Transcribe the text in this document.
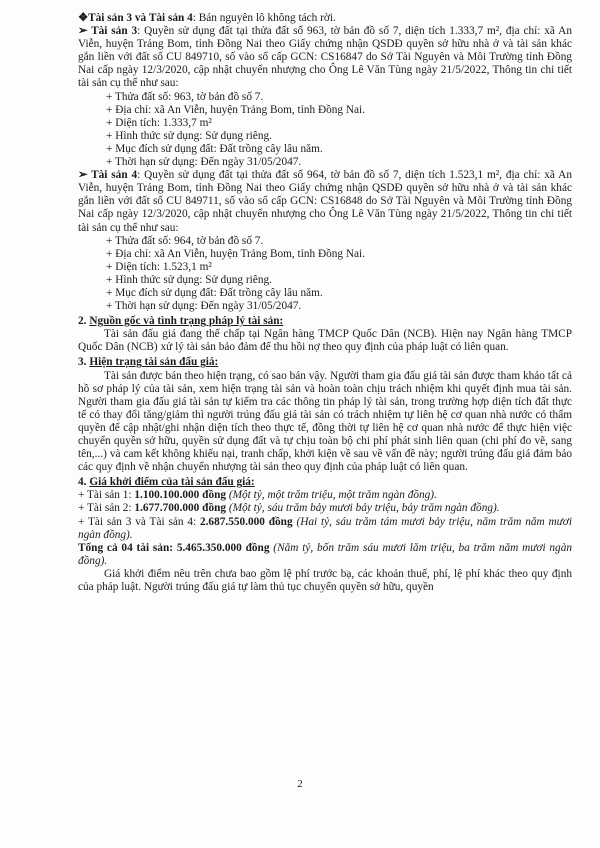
❖Tài sản 3 và Tài sản 4: Bán nguyên lô không tách rời.

➢ Tài sản 3: Quyền sử dụng đất tại thửa đất số 963, tờ bản đồ số 7, diện tích 1.333,7 m², địa chỉ: xã An Viễn, huyện Trảng Bom, tỉnh Đồng Nai theo Giấy chứng nhận QSDĐ quyền sở hữu nhà ở và tài sản khác gắn liền với đất số CU 849710, số vào sổ cấp GCN: CS16847 do Sở Tài Nguyên và Môi Trường tỉnh Đồng Nai cấp ngày 12/3/2020, cập nhật chuyển nhượng cho Ông Lê Văn Tùng ngày 21/5/2022, Thông tin chi tiết tài sản cụ thể như sau:

+ Thửa đất số: 963, tờ bản đồ số 7.

+ Địa chỉ: xã An Viễn, huyện Trảng Bom, tỉnh Đồng Nai.

+ Diện tích: 1.333,7 m²

+ Hình thức sử dụng: Sử dụng riêng.

+ Mục đích sử dụng đất: Đất trồng cây lâu năm.

+ Thời hạn sử dụng: Đến ngày 31/05/2047.

➢ Tài sản 4: Quyền sử dụng đất tại thửa đất số 964, tờ bản đồ số 7, diện tích 1.523,1 m², địa chỉ: xã An Viễn, huyện Trảng Bom, tỉnh Đồng Nai theo Giấy chứng nhận QSDĐ quyền sở hữu nhà ở và tài sản khác gắn liền với đất số CU 849711, số vào sổ cấp GCN: CS16848 do Sở Tài Nguyên và Môi Trường tỉnh Đồng Nai cấp ngày 12/3/2020, cập nhật chuyển nhượng cho Ông Lê Văn Tùng ngày 21/5/2022, Thông tin chi tiết tài sản cụ thể như sau:

+ Thửa đất số: 964, tờ bản đồ số 7.

+ Địa chỉ: xã An Viễn, huyện Trảng Bom, tỉnh Đồng Nai.

+ Diện tích: 1.523,1 m²

+ Hình thức sử dụng: Sử dụng riêng.

+ Mục đích sử dụng đất: Đất trồng cây lâu năm.

+ Thời hạn sử dụng: Đến ngày 31/05/2047.

2. Nguồn gốc và tình trạng pháp lý tài sản:

Tài sản đấu giá đang thế chấp tại Ngân hàng TMCP Quốc Dân (NCB). Hiện nay Ngân hàng TMCP Quốc Dân (NCB) xử lý tài sản bảo đảm để thu hồi nợ theo quy định của pháp luật có liên quan.

3. Hiện trạng tài sản đấu giá:

Tài sản được bán theo hiện trạng, có sao bán vậy. Người tham gia đấu giá tài sản được tham khảo tất cả hồ sơ pháp lý của tài sản, xem hiện trạng tài sản và hoàn toàn chịu trách nhiệm khi quyết định mua tài sản. Người tham gia đấu giá tài sản tự kiểm tra các thông tin pháp lý tài sản, trong trường hợp diện tích đất thực tế có thay đổi tăng/giảm thì người trúng đấu giá tài sản có trách nhiệm tự liên hệ cơ quan nhà nước có thẩm quyền để cập nhật/ghi nhận diện tích theo thực tế, đồng thời tự liên hệ cơ quan nhà nước để thực hiện việc chuyển quyền sở hữu, quyền sử dụng đất và tự chịu toàn bộ chi phí phát sinh liên quan (chi phí đo vẽ, sang tên,...) và cam kết không khiếu nại, tranh chấp, khởi kiện về sau về vấn đề này; người trúng đấu giá đảm bảo các quy định về nhận chuyển nhượng tài sản theo quy định của pháp luật có liên quan.

4. Giá khởi điểm của tài sản đấu giá:

+ Tài sản 1: 1.100.100.000 đồng (Một tỷ, một trăm triệu, một trăm ngàn đồng).

+ Tài sản 2: 1.677.700.000 đồng (Một tỷ, sáu trăm bảy mươi bảy triệu, bảy trăm ngàn đồng).

+ Tài sản 3 và Tài sản 4: 2.687.550.000 đồng (Hai tỷ, sáu trăm tám mươi bảy triệu, năm trăm năm mươi ngàn đồng).

Tổng cả 04 tài sản: 5.465.350.000 đồng (Năm tỷ, bốn trăm sáu mươi lăm triệu, ba trăm năm mươi ngàn đồng).

Giá khởi điểm nêu trên chưa bao gồm lệ phí trước bạ, các khoản thuế, phí, lệ phí khác theo quy định của pháp luật. Người trúng đấu giá tự làm thủ tục chuyển quyền sở hữu, quyền

2
